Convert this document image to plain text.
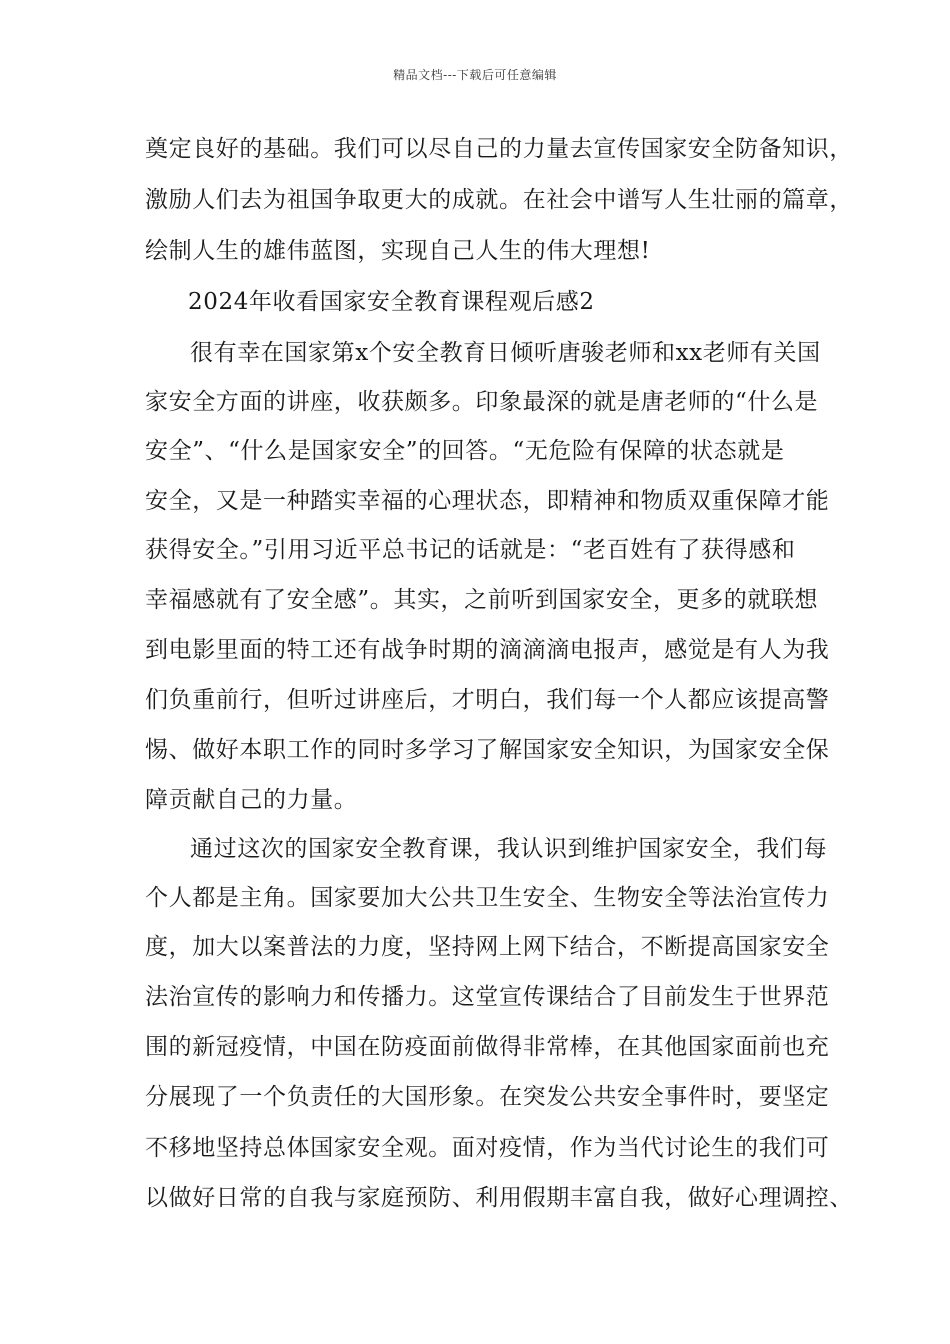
精品文档---下载后可任意编辑
奠定良好的基础。我们可以尽自己的力量去宣传国家安全防备知识，
激励人们去为祖国争取更大的成就。在社会中谱写人生壮丽的篇章，
绘制人生的雄伟蓝图，实现自己人生的伟大理想!
2024年收看国家安全教育课程观后感2
很有幸在国家第x个安全教育日倾听唐骏老师和xx老师有关国
家安全方面的讲座，收获颇多。印象最深的就是唐老师的“什么是
安全”、“什么是国家安全”的回答。“无危险有保障的状态就是
安全，又是一种踏实幸福的心理状态，即精神和物质双重保障才能
获得安全。”引用习近平总书记的话就是：“老百姓有了获得感和
幸福感就有了安全感”。其实，之前听到国家安全，更多的就联想
到电影里面的特工还有战争时期的滴滴滴电报声，感觉是有人为我
们负重前行，但听过讲座后，才明白，我们每一个人都应该提高警
惕、做好本职工作的同时多学习了解国家安全知识，为国家安全保
障贡献自己的力量。
通过这次的国家安全教育课，我认识到维护国家安全，我们每
个人都是主角。国家要加大公共卫生安全、生物安全等法治宣传力
度，加大以案普法的力度，坚持网上网下结合，不断提高国家安全
法治宣传的影响力和传播力。这堂宣传课结合了目前发生于世界范
围的新冠疫情，中国在防疫面前做得非常棒，在其他国家面前也充
分展现了一个负责任的大国形象。在突发公共安全事件时，要坚定
不移地坚持总体国家安全观。面对疫情，作为当代讨论生的我们可
以做好日常的自我与家庭预防、利用假期丰富自我，做好心理调控、
